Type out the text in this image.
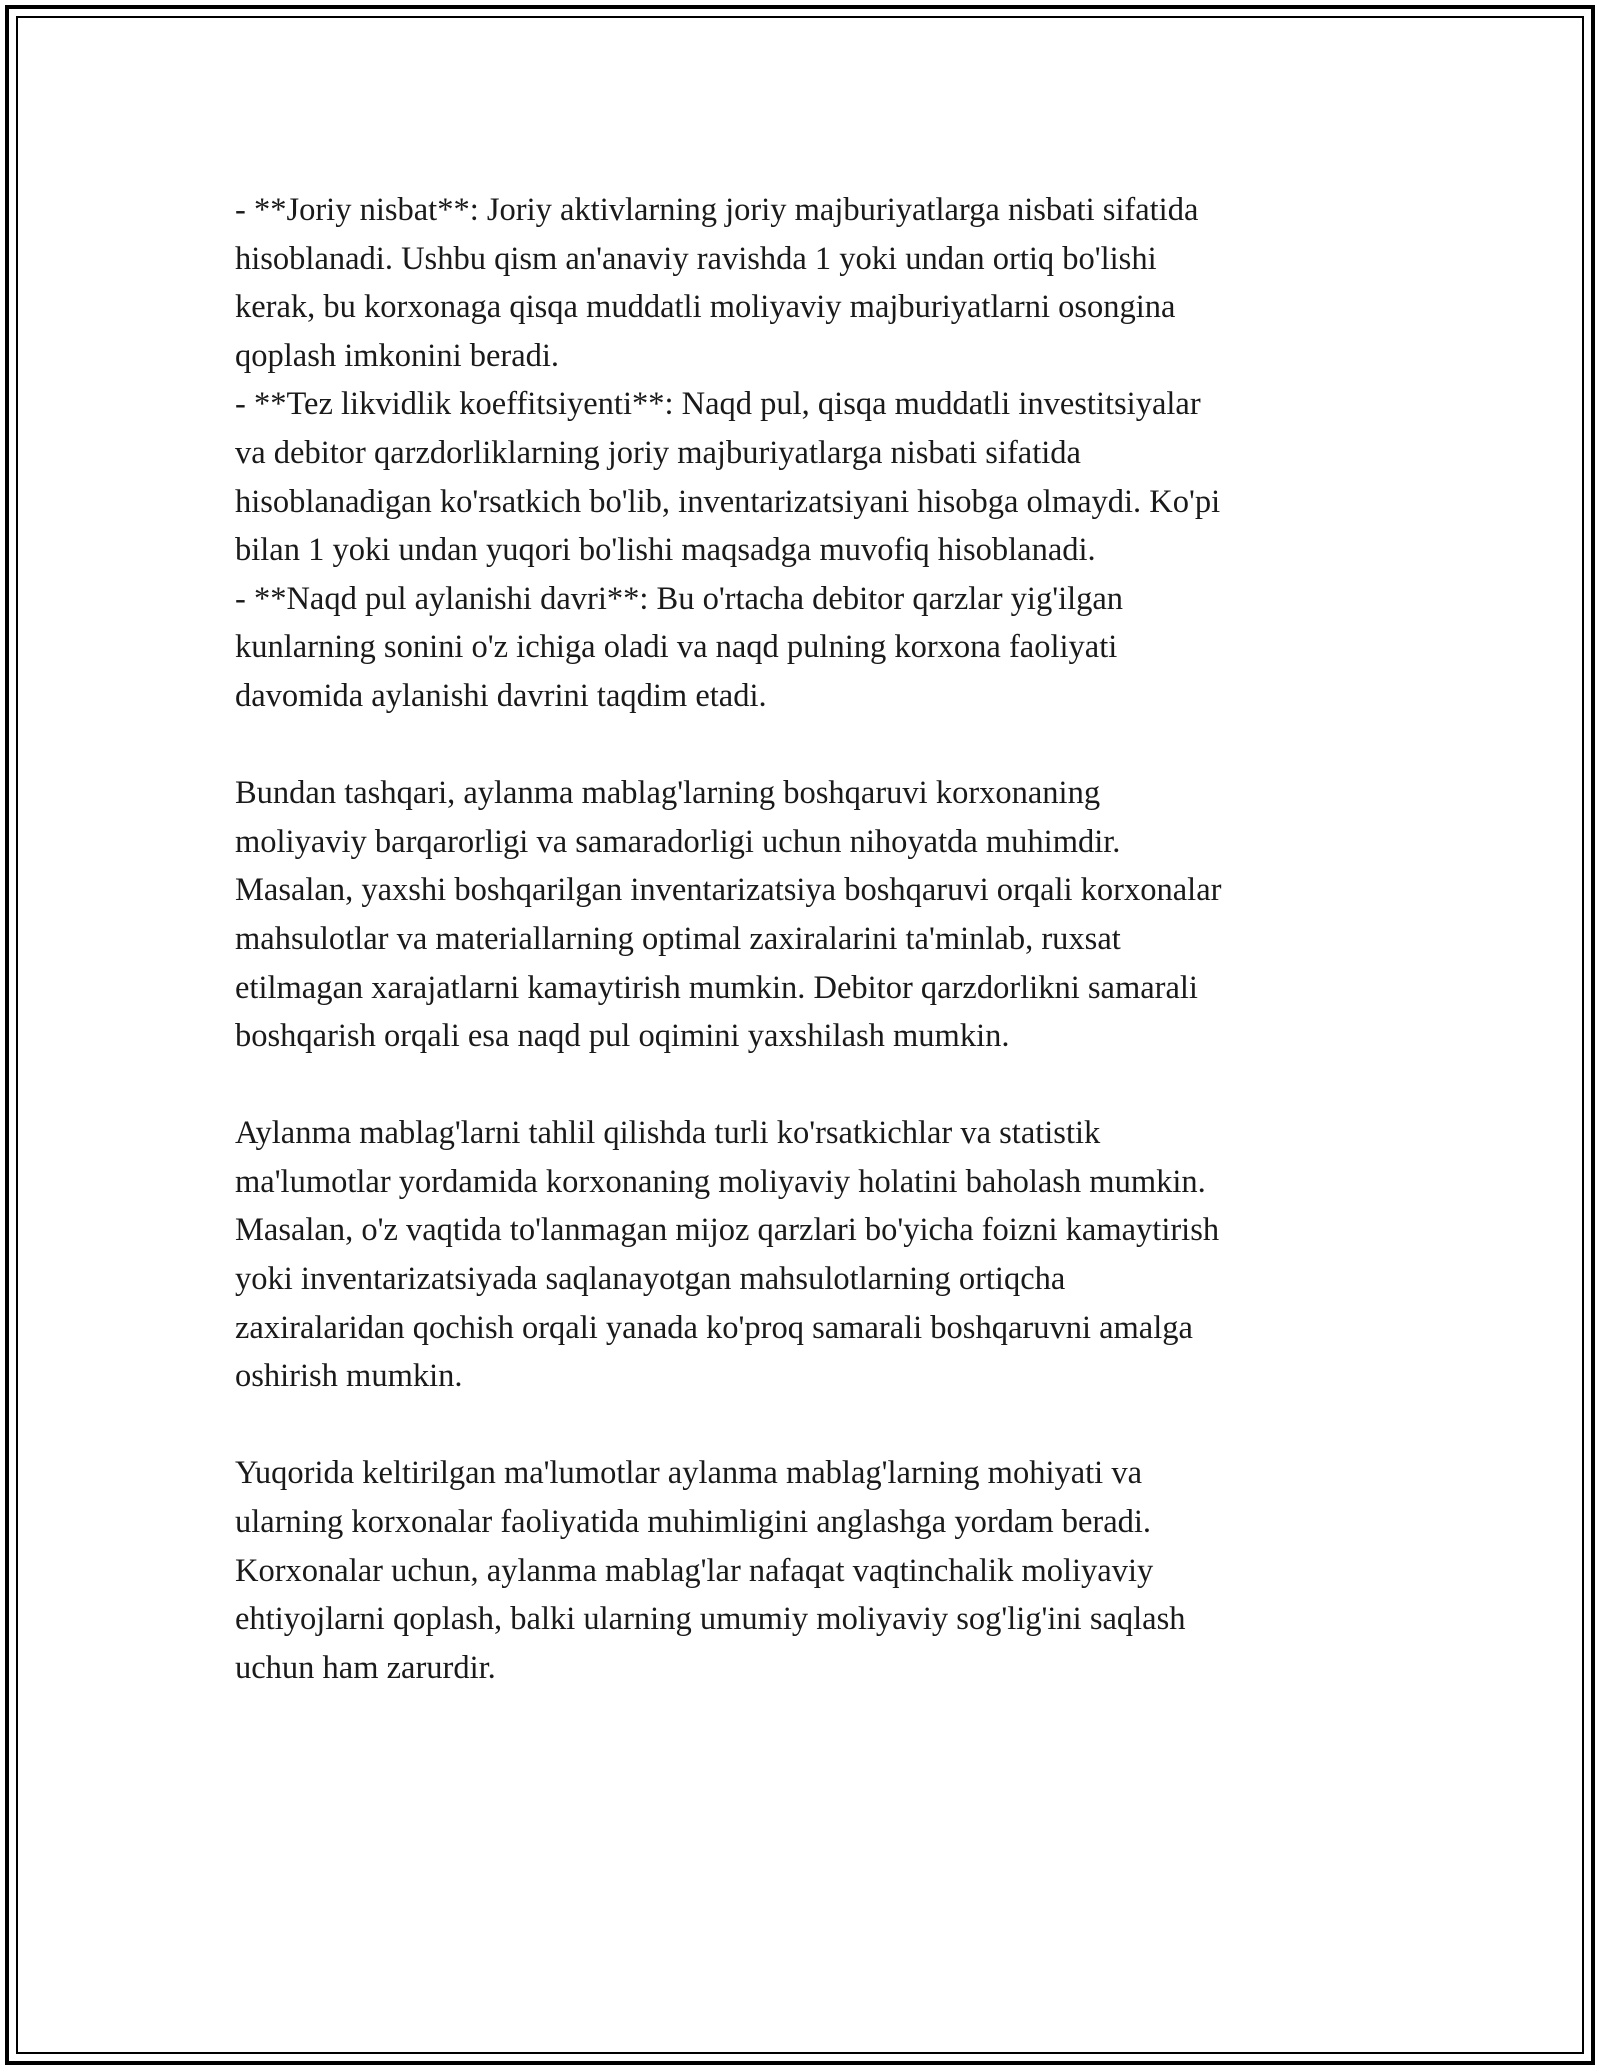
- **Joriy nisbat**: Joriy aktivlarning joriy majburiyatlarga nisbati sifatida
hisoblanadi. Ushbu qism an'anaviy ravishda 1 yoki undan ortiq bo'lishi
kerak, bu korxonaga qisqa muddatli moliyaviy majburiyatlarni osongina
qoplash imkonini beradi.
- **Tez likvidlik koeffitsiyenti**: Naqd pul, qisqa muddatli investitsiyalar
va debitor qarzdorliklarning joriy majburiyatlarga nisbati sifatida
hisoblanadigan ko'rsatkich bo'lib, inventarizatsiyani hisobga olmaydi. Ko'pi
bilan 1 yoki undan yuqori bo'lishi maqsadga muvofiq hisoblanadi.
- **Naqd pul aylanishi davri**: Bu o'rtacha debitor qarzlar yig'ilgan
kunlarning sonini o'z ichiga oladi va naqd pulning korxona faoliyati
davomida aylanishi davrini taqdim etadi.

Bundan tashqari, aylanma mablag'larning boshqaruvi korxonaning
moliyaviy barqarorligi va samaradorligi uchun nihoyatda muhimdir.
Masalan, yaxshi boshqarilgan inventarizatsiya boshqaruvi orqali korxonalar
mahsulotlar va materiallarning optimal zaxiralarini ta'minlab, ruxsat
etilmagan xarajatlarni kamaytirish mumkin. Debitor qarzdorlikni samarali
boshqarish orqali esa naqd pul oqimini yaxshilash mumkin.

Aylanma mablag'larni tahlil qilishda turli ko'rsatkichlar va statistik
ma'lumotlar yordamida korxonaning moliyaviy holatini baholash mumkin.
Masalan, o'z vaqtida to'lanmagan mijoz qarzlari bo'yicha foizni kamaytirish
yoki inventarizatsiyada saqlanayotgan mahsulotlarning ortiqcha
zaxiralaridan qochish orqali yanada ko'proq samarali boshqaruvni amalga
oshirish mumkin.

Yuqorida keltirilgan ma'lumotlar aylanma mablag'larning mohiyati va
ularning korxonalar faoliyatida muhimligini anglashga yordam beradi.
Korxonalar uchun, aylanma mablag'lar nafaqat vaqtinchalik moliyaviy
ehtiyojlarni qoplash, balki ularning umumiy moliyaviy sog'lig'ini saqlash
uchun ham zarurdir.
